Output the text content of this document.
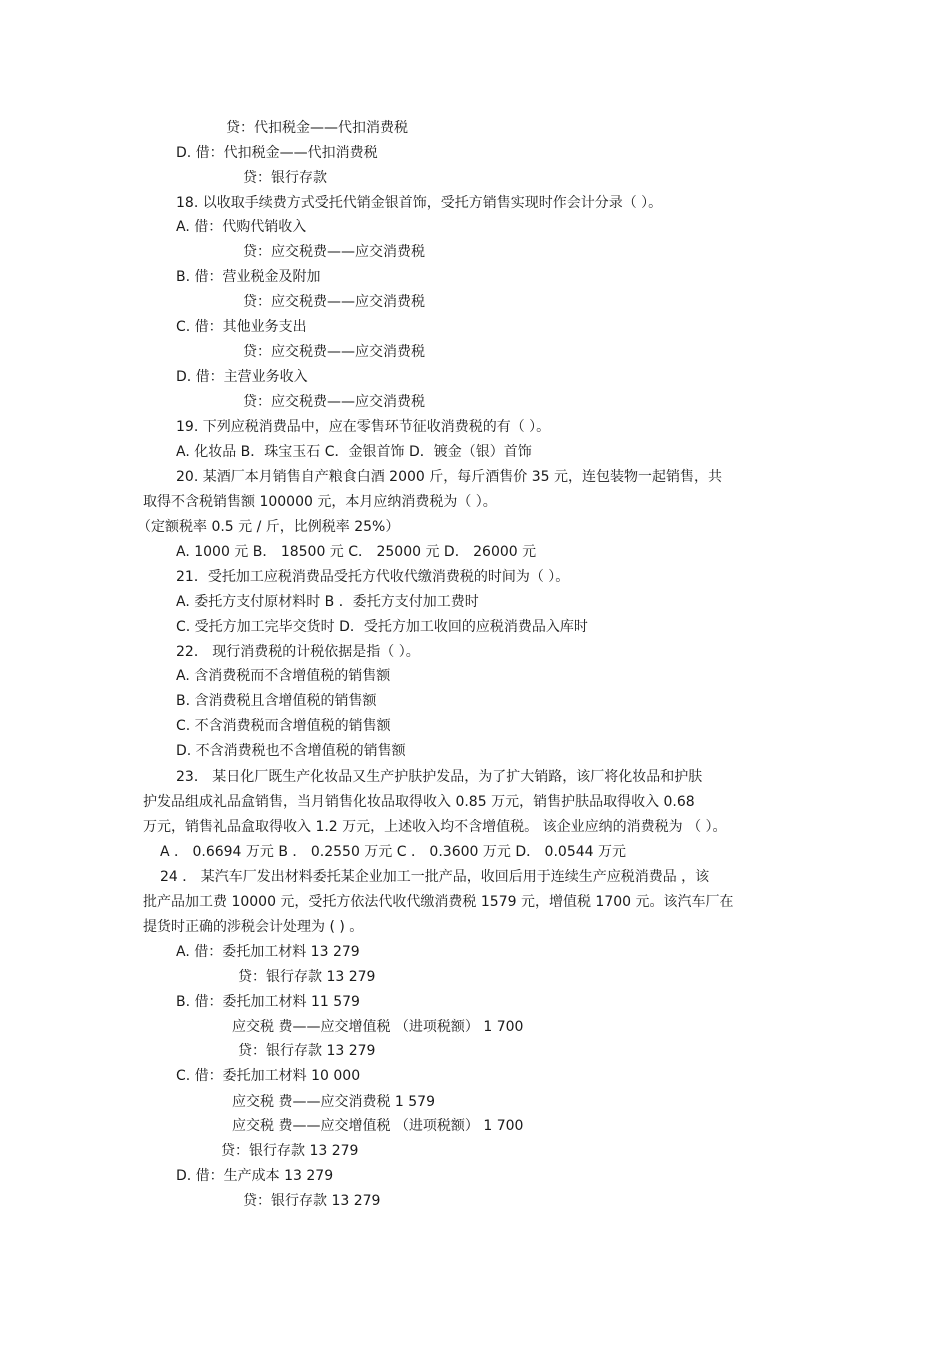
贷：代扣税金——代扣消费税
D. 借：代扣税金——代扣消费税
贷：银行存款
18. 以收取手续费方式受托代销金银首饰，受托方销售实现时作会计分录（ ）。
A. 借：代购代销收入
贷：应交税费——应交消费税
B. 借：营业税金及附加
贷：应交税费——应交消费税
C. 借：其他业务支出
贷：应交税费——应交消费税
D. 借：主营业务收入
贷：应交税费——应交消费税
19. 下列应税消费品中，应在零售环节征收消费税的有（ ）。
A. 化妆品 B．珠宝玉石 C．金银首饰 D．镀金（银）首饰
20. 某酒厂本月销售自产粮食白酒 2000 斤，每斤酒售价 35 元，连包装物一起销售，共
取得不含税销售额 100000 元，本月应纳消费税为（ ）。
（定额税率 0.5 元 / 斤，比例税率 25%）
A. 1000 元 B． 18500 元 C． 25000 元 D． 26000 元
21．受托加工应税消费品受托方代收代缴消费税的时间为（ ）。
A. 委托方支付原材料时 B ．委托方支付加工费时
C. 受托方加工完毕交货时 D．受托方加工收回的应税消费品入库时
22． 现行消费税的计税依据是指（ ）。
A. 含消费税而不含增值税的销售额
B. 含消费税且含增值税的销售额
C. 不含消费税而含增值税的销售额
D. 不含消费税也不含增值税的销售额
23． 某日化厂既生产化妆品又生产护肤护发品，为了扩大销路，该厂将化妆品和护肤
护发品组成礼品盒销售，当月销售化妆品取得收入 0.85 万元，销售护肤品取得收入 0.68
万元，销售礼品盒取得收入 1.2 万元，上述收入均不含增值税。 该企业应纳的消费税为 （ ）。
A ． 0.6694 万元 B ． 0.2550 万元 C ． 0.3600 万元 D． 0.0544 万元
24 ． 某汽车厂发出材料委托某企业加工一批产品，收回后用于连续生产应税消费品 ，该
批产品加工费 10000 元，受托方依法代收代缴消费税 1579 元，增值税 1700 元。该汽车厂在
提货时正确的涉税会计处理为 ( ) 。
A. 借：委托加工材料 13 279
贷：银行存款 13 279
B. 借：委托加工材料 11 579
应交税 费——应交增值税 （进项税额） 1 700
贷：银行存款 13 279
C. 借：委托加工材料 10 000
应交税 费——应交消费税 1 579
应交税 费——应交增值税 （进项税额） 1 700
贷：银行存款 13 279
D. 借：生产成本 13 279
贷：银行存款 13 279
